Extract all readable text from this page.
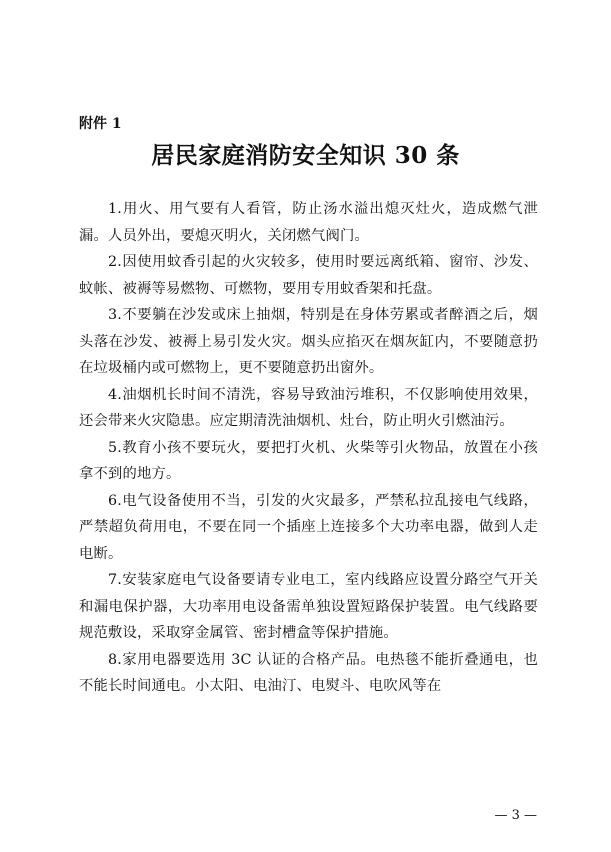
附件 1
居民家庭消防安全知识 30 条

1.用火、用气要有人看管，防止汤水溢出熄灭灶火，造成燃气泄漏。人员外出，要熄灭明火，关闭燃气阀门。

2.因使用蚊香引起的火灾较多，使用时要远离纸箱、窗帘、沙发、蚊帐、被褥等易燃物、可燃物，要用专用蚊香架和托盘。

3.不要躺在沙发或床上抽烟，特别是在身体劳累或者醉酒之后，烟头落在沙发、被褥上易引发火灾。烟头应掐灭在烟灰缸内，不要随意扔在垃圾桶内或可燃物上，更不要随意扔出窗外。

4.油烟机长时间不清洗，容易导致油污堆积，不仅影响使用效果，还会带来火灾隐患。应定期清洗油烟机、灶台，防止明火引燃油污。

5.教育小孩不要玩火，要把打火机、火柴等引火物品，放置在小孩拿不到的地方。

6.电气设备使用不当，引发的火灾最多，严禁私拉乱接电气线路，严禁超负荷用电，不要在同一个插座上连接多个大功率电器，做到人走电断。

7.安装家庭电气设备要请专业电工，室内线路应设置分路空气开关和漏电保护器，大功率用电设备需单独设置短路保护装置。电气线路要规范敷设，采取穿金属管、密封槽盒等保护措施。

8.家用电器要选用 3C 认证的合格产品。电热毯不能折叠通电，也不能长时间通电。小太阳、电油汀、电熨斗、电吹风等在

— 3 —
